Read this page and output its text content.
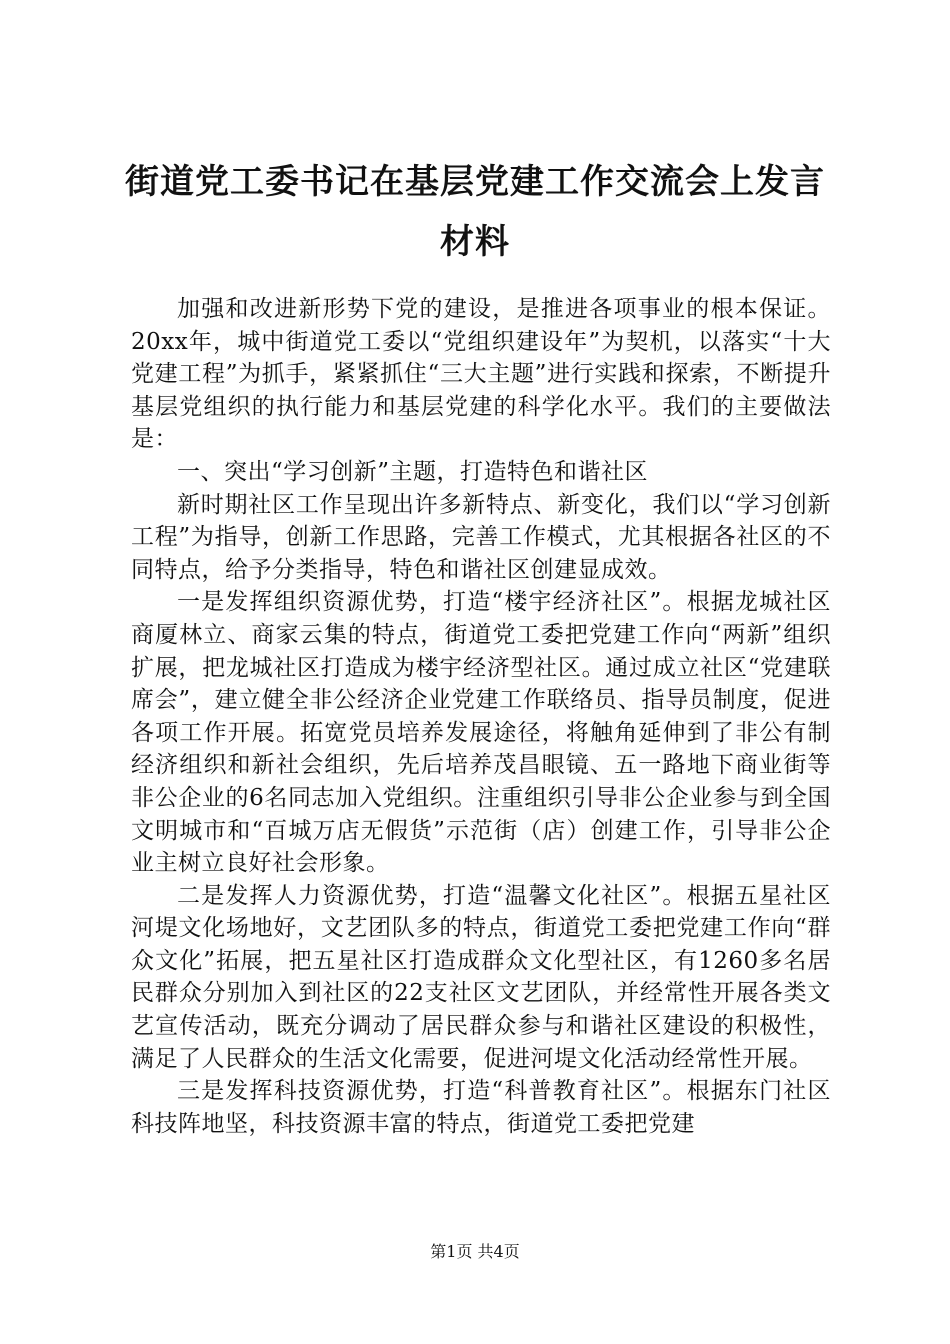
街道党工委书记在基层党建工作交流会上发言材料

加强和改进新形势下党的建设，是推进各项事业的根本保证。20xx年，城中街道党工委以“党组织建设年”为契机，以落实“十大党建工程”为抓手，紧紧抓住“三大主题”进行实践和探索，不断提升基层党组织的执行能力和基层党建的科学化水平。我们的主要做法是：

一、突出“学习创新”主题，打造特色和谐社区

新时期社区工作呈现出许多新特点、新变化，我们以“学习创新工程”为指导，创新工作思路，完善工作模式，尤其根据各社区的不同特点，给予分类指导，特色和谐社区创建显成效。

一是发挥组织资源优势，打造“楼宇经济社区”。根据龙城社区商厦林立、商家云集的特点，街道党工委把党建工作向“两新”组织扩展，把龙城社区打造成为楼宇经济型社区。通过成立社区“党建联席会”，建立健全非公经济企业党建工作联络员、指导员制度，促进各项工作开展。拓宽党员培养发展途径，将触角延伸到了非公有制经济组织和新社会组织，先后培养茂昌眼镜、五一路地下商业街等非公企业的6名同志加入党组织。注重组织引导非公企业参与到全国文明城市和“百城万店无假货”示范街（店）创建工作，引导非公企业主树立良好社会形象。

二是发挥人力资源优势，打造“温馨文化社区”。根据五星社区河堤文化场地好，文艺团队多的特点，街道党工委把党建工作向“群众文化”拓展，把五星社区打造成群众文化型社区，有1260多名居民群众分别加入到社区的22支社区文艺团队，并经常性开展各类文艺宣传活动，既充分调动了居民群众参与和谐社区建设的积极性，满足了人民群众的生活文化需要，促进河堤文化活动经常性开展。

三是发挥科技资源优势，打造“科普教育社区”。根据东门社区科技阵地坚，科技资源丰富的特点，街道党工委把党建

第1页 共4页
